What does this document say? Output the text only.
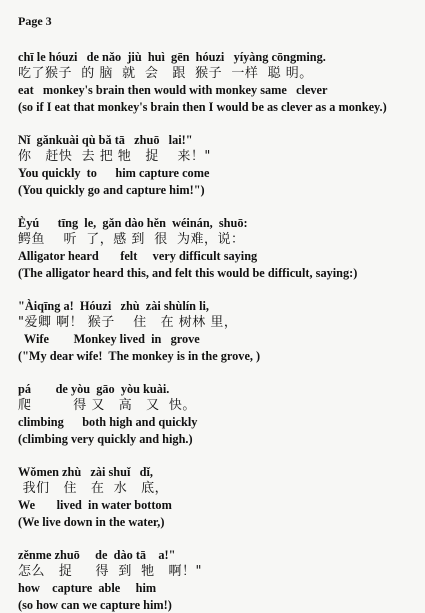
Page 3
chī le hóuzi   de nǎo  jiù  huì  gēn  hóuzi   yíyàng cōngming.
吃了猴子  的 脑  就  会   跟  猴子  一样  聪 明。
eat   monkey's brain then would with monkey same   clever
(so if I eat that monkey's brain then I would be as clever as a monkey.)
Nǐ  gǎnkuài qù bǎ tā   zhuō   lai!"
你   赶快  去 把 牠   捉    来！"
You quickly  to      him capture come
(You quickly go and capture him!")
Èyú      tīng  le,  gǎn dào hěn  wéinán,  shuō:
鳄鱼    听  了，感 到  很  为难，说：
Alligator heard       felt     very difficult saying
(The alligator heard this, and felt this would be difficult, saying:)
"Àiqīng a!  Hóuzi   zhù  zài shùlín li,
"爱卿 啊！ 猴子    住   在 树林 里，
Wife        Monkey lived  in   grove
("My dear wife!  The monkey is in the grove, )
pá        de yòu  gāo  yòu kuài.
爬         得 又   高   又  快。
climbing      both high and quickly
(climbing very quickly and high.)
Wǒmen zhù   zài shuǐ   dǐ,
我们   住   在  水   底，
We       lived  in water bottom
(We live down in the water,)
zěnme zhuō     de  dào tā    a!"
怎么   捉     得  到  牠   啊！"
how    capture  able     him
(so how can we capture him!)
